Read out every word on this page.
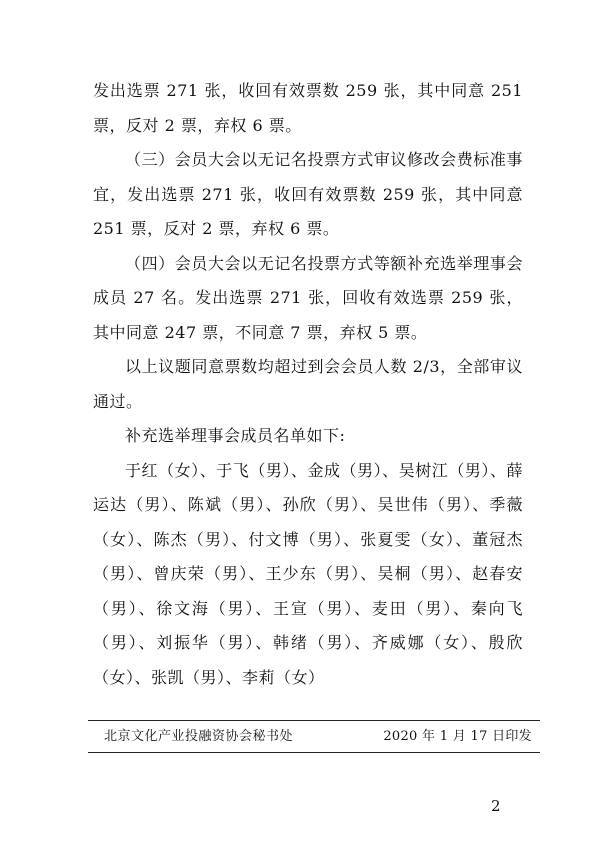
发出选票 271 张，收回有效票数 259 张，其中同意 251 票，反对 2 票，弃权 6 票。

（三）会员大会以无记名投票方式审议修改会费标准事宜，发出选票 271 张，收回有效票数 259 张，其中同意 251 票，反对 2 票，弃权 6 票。

（四）会员大会以无记名投票方式等额补充选举理事会成员 27 名。发出选票 271 张，回收有效选票 259 张，其中同意 247 票，不同意 7 票，弃权 5 票。

以上议题同意票数均超过到会会员人数 2/3，全部审议通过。

补充选举理事会成员名单如下:

于红（女）、于飞（男）、金成（男）、吴树江（男）、薛运达（男）、陈斌（男）、孙欣（男）、吴世伟（男）、季薇（女）、陈杰（男）、付文博（男）、张夏雯（女）、董冠杰（男）、曾庆荣（男）、王少东（男）、吴桐（男）、赵春安（男）、徐文海（男）、王宣（男）、麦田（男）、秦向飞（男）、刘振华（男）、韩绪（男）、齐威娜（女）、殷欣（女）、张凯（男）、李莉（女）

北京文化产业投融资协会秘书处	2020 年 1 月 17 日印发
2
